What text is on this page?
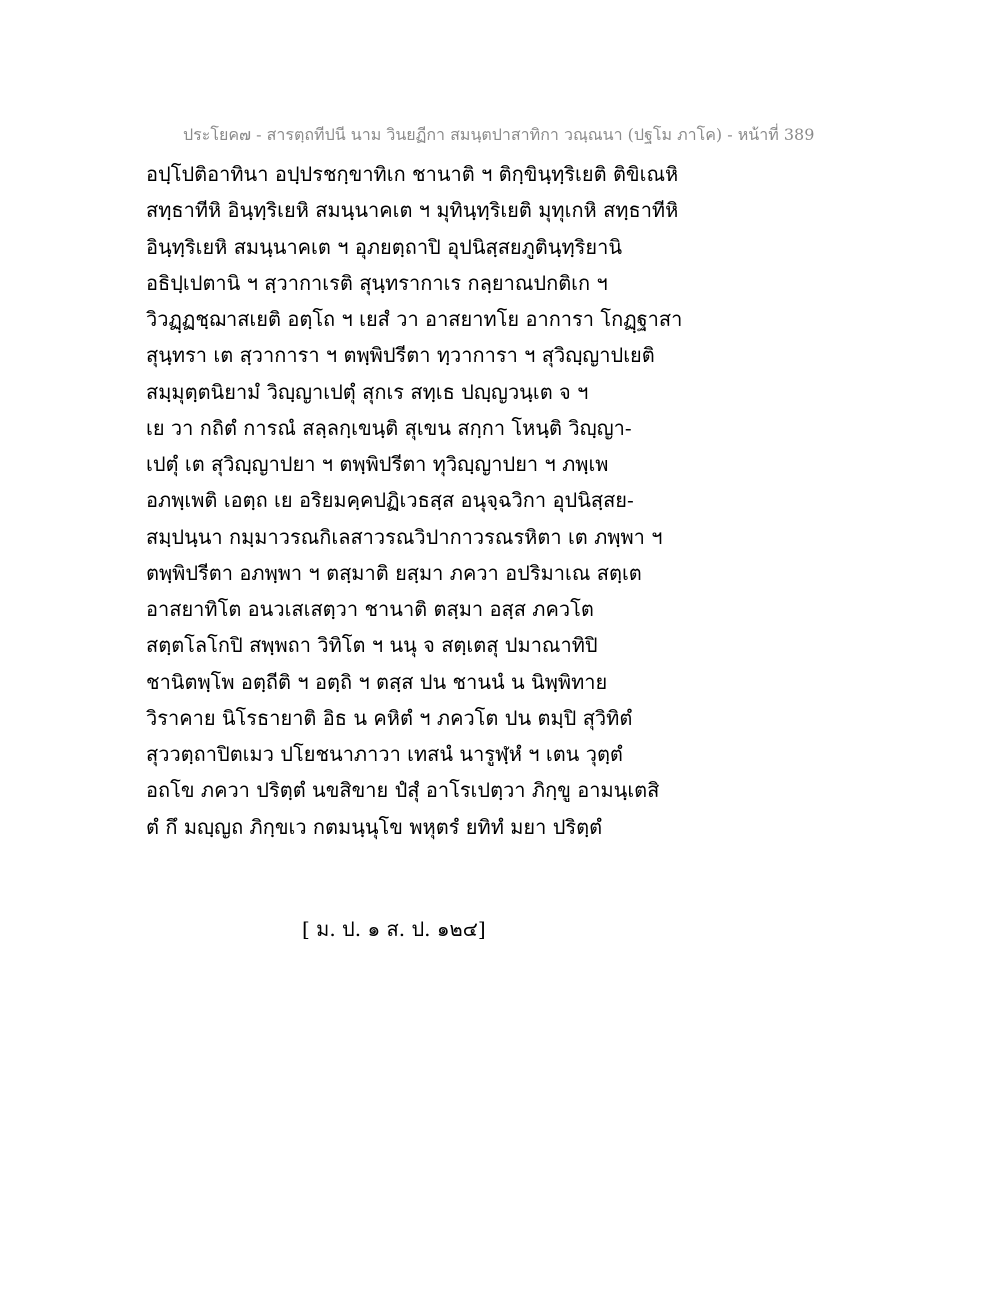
ประโยค๗ - สารตฺถทีปนี นาม วินยฏีกา สมนฺตปาสาทิกา วณฺณนา (ปฐโม ภาโค) - หน้าที่ 389
อปฺโปติอาทินา อปฺปรชกฺขาทิเก ชานาติ ฯ ติกฺขินฺทฺริเยติ ติขิเณหิ
สทฺธาทีหิ อินฺทฺริเยหิ สมนฺนาคเต ฯ มุทินฺทฺริเยติ มุทุเกหิ สทฺธาทีหิ
อินฺทฺริเยหิ สมนฺนาคเต ฯ อุภยตฺถาปิ อุปนิสฺสยภูตินฺทฺริยานิ
อธิปฺเปตานิ ฯ สฺวากาเรติ สุนฺทรากาเร กลฺยาณปกติเก ฯ
วิวฏฺฏชฺฌาสเยติ อตฺโถ ฯ เยสํ วา อาสยาทโย อาการา โกฏฺฐาสา
สุนฺทรา เต สฺวาการา ฯ ตพฺพิปรีตา ทฺวาการา ฯ สุวิญฺญาปเยติ
สมฺมุตฺตนิยามํ วิญฺญาเปตุํ สุกเร สทฺเธ ปญฺญวนฺเต จ ฯ
เย วา กถิตํ การณํ สลฺลกฺเขนฺติ สุเขน สกฺกา โหนฺติ วิญฺญา-
เปตุํ เต สุวิญฺญาปยา ฯ ตพฺพิปรีตา ทุวิญฺญาปยา ฯ ภพฺเพ
อภพฺเพติ เอตฺถ เย อริยมคฺคปฏิเวธสฺส อนุจฺฉวิกา อุปนิสฺสย-
สมฺปนฺนา กมฺมาวรณกิเลสาวรณวิปากาวรณรหิตา เต ภพฺพา ฯ
ตพฺพิปรีตา อภพฺพา ฯ ตสฺมาติ ยสฺมา ภควา อปริมาเณ สตฺเต
อาสยาทิโต อนวเสเสตฺวา ชานาติ ตสฺมา อสฺส ภควโต
สตฺตโลโกปิ สพฺพถา วิทิโต ฯ นนุ จ สตฺเตสุ ปมาณาทิปิ
ชานิตพฺโพ อตฺถีติ ฯ อตฺถิ ฯ ตสฺส ปน ชานนํ น นิพฺพิทาย
วิราคาย นิโรธายาติ อิธ น คหิตํ ฯ ภควโต ปน ตมฺปิ สุวิทิตํ
สุววตฺถาปิตเมว ปโยชนาภาวา เทสนํ นารูฬฺหํ ฯ เตน วุตฺตํ
อถโข ภควา ปริตฺตํ นขสิขาย ปํสุํ อาโรเปตฺวา ภิกฺขู อามนฺเตสิ
ตํ กึ มญฺญถ ภิกฺขเว กตมนฺนุโข พหุตรํ ยทิทํ มยา ปริตฺตํ
[ ม. ป. ๑ ส. ป. ๑๒๔]
